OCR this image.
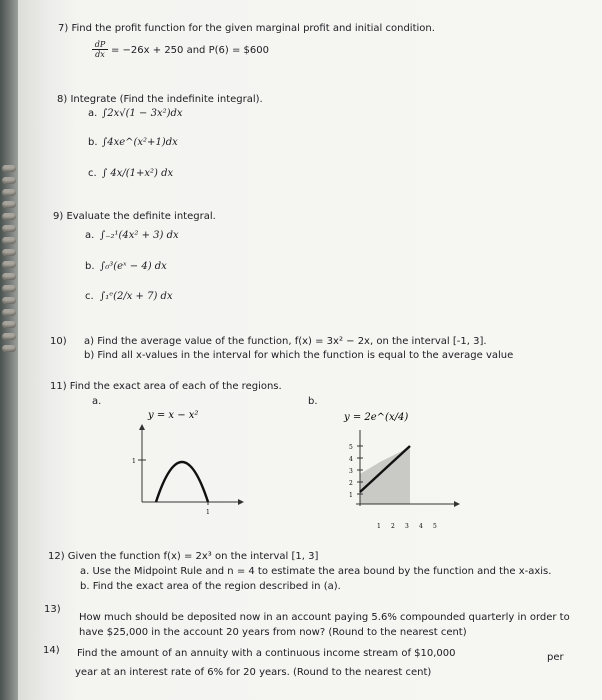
7) Find the profit function for the given marginal profit and initial condition.
dP
dx = −26x + 250 and P(6) = $600
8) Integrate (Find the indefinite integral).
a. ∫2x√(1 − 3x²)dx
b. ∫4xe^(x²+1)dx
c. ∫ 4x/(1+x²) dx
9) Evaluate the definite integral.
a. ∫₋₂¹(4x² + 3) dx
b. ∫₀³(eˣ − 4) dx
c. ∫₁ᵉ(2/x + 7) dx
10) a) Find the average value of the function, f(x) = 3x² − 2x, on the interval [-1, 3].
b) Find all x-values in the interval for which the function is equal to the average value
11) Find the exact area of each of the regions.
a.	b.
y = x − x²
1
1
y = 2e^(x/4)
5
4
3
2
1
1 2 3 4 5
12) Given the function f(x) = 2x³ on the interval [1, 3]
a. Use the Midpoint Rule and n = 4 to estimate the area bound by the function and the x-axis.
b. Find the exact area of the region described in (a).
13)
How much should be deposited now in an account paying 5.6% compounded quarterly in order to
have $25,000 in the account 20 years from now? (Round to the nearest cent)
14) Find the amount of an annuity with a continuous income stream of $10,000	per
year at an interest rate of 6% for 20 years. (Round to the nearest cent)
